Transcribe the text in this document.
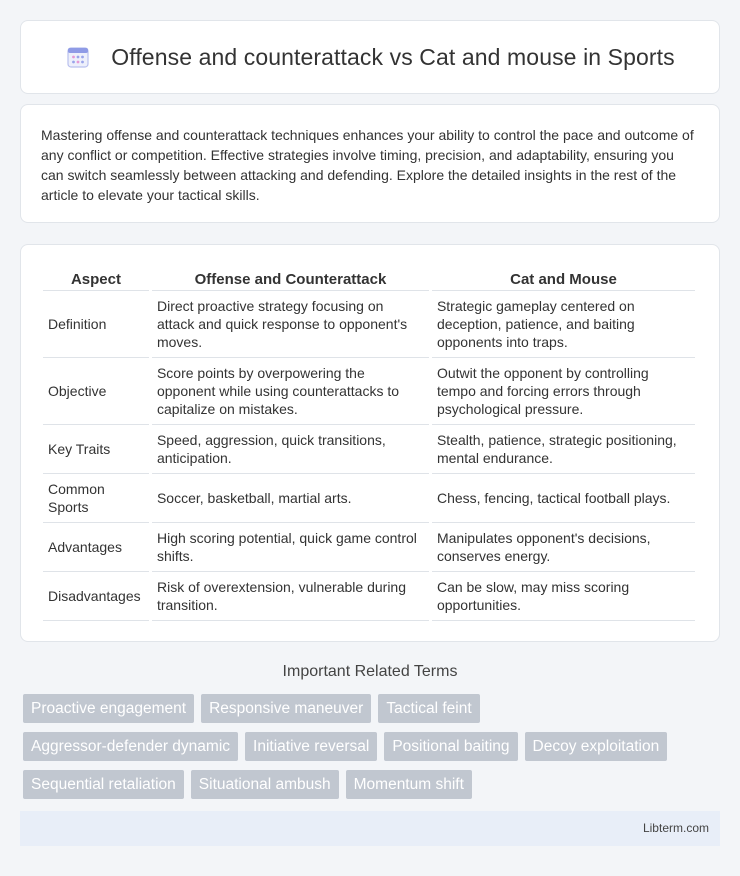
Offense and counterattack vs Cat and mouse in Sports

Mastering offense and counterattack techniques enhances your ability to control the pace and outcome of any conflict or competition. Effective strategies involve timing, precision, and adaptability, ensuring you can switch seamlessly between attacking and defending. Explore the detailed insights in the rest of the article to elevate your tactical skills.

Aspect	Offense and Counterattack	Cat and Mouse
Definition	Direct proactive strategy focusing on attack and quick response to opponent's moves.	Strategic gameplay centered on deception, patience, and baiting opponents into traps.
Objective	Score points by overpowering the opponent while using counterattacks to capitalize on mistakes.	Outwit the opponent by controlling tempo and forcing errors through psychological pressure.
Key Traits	Speed, aggression, quick transitions, anticipation.	Stealth, patience, strategic positioning, mental endurance.
Common Sports	Soccer, basketball, martial arts.	Chess, fencing, tactical football plays.
Advantages	High scoring potential, quick game control shifts.	Manipulates opponent's decisions, conserves energy.
Disadvantages	Risk of overextension, vulnerable during transition.	Can be slow, may miss scoring opportunities.
Important Related Terms
Proactive engagement	Responsive maneuver	Tactical feint
Aggressor-defender dynamic	Initiative reversal	Positional baiting	Decoy exploitation
Sequential retaliation	Situational ambush	Momentum shift
Libterm.com
